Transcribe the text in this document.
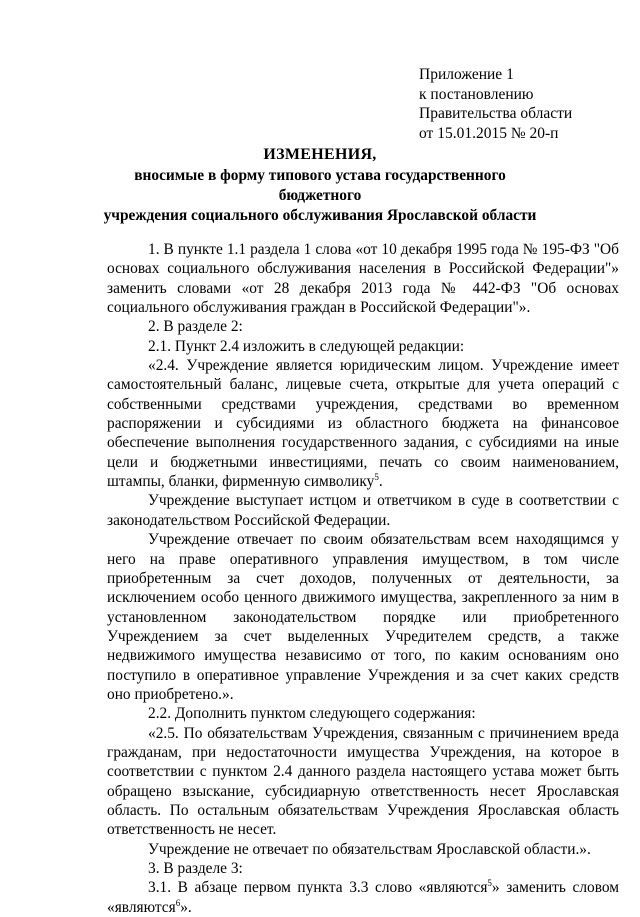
Приложение 1
к постановлению
Правительства области
от 15.01.2015 № 20-п
ИЗМЕНЕНИЯ,
вносимые в форму типового устава государственного бюджетного
учреждения социального обслуживания Ярославской области

1. В пункте 1.1 раздела 1 слова «от 10 декабря 1995 года № 195-ФЗ "Об основах социального обслуживания населения в Российской Федерации"» заменить словами «от 28 декабря 2013 года № 442-ФЗ "Об основах социального обслуживания граждан в Российской Федерации"».

2. В разделе 2:

2.1. Пункт 2.4 изложить в следующей редакции:

«2.4. Учреждение является юридическим лицом. Учреждение имеет самостоятельный баланс, лицевые счета, открытые для учета операций с собственными средствами учреждения, средствами во временном распоряжении и субсидиями из областного бюджета на финансовое обеспечение выполнения государственного задания, с субсидиями на иные цели и бюджетными инвестициями, печать со своим наименованием, штампы, бланки, фирменную символику$^5$.

Учреждение выступает истцом и ответчиком в суде в соответствии с законодательством Российской Федерации.

Учреждение отвечает по своим обязательствам всем находящимся у него на праве оперативного управления имуществом, в том числе приобретенным за счет доходов, полученных от деятельности, за исключением особо ценного движимого имущества, закрепленного за ним в установленном законодательством порядке или приобретенного Учреждением за счет выделенных Учредителем средств, а также недвижимого имущества независимо от того, по каким основаниям оно поступило в оперативное управление Учреждения и за счет каких средств оно приобретено.».

2.2. Дополнить пунктом следующего содержания:

«2.5. По обязательствам Учреждения, связанным с причинением вреда гражданам, при недостаточности имущества Учреждения, на которое в соответствии с пунктом 2.4 данного раздела настоящего устава может быть обращено взыскание, субсидиарную ответственность несет Ярославская область. По остальным обязательствам Учреждения Ярославская область ответственность не несет.

Учреждение не отвечает по обязательствам Ярославской области.».

3. В разделе 3:

3.1. В абзаце первом пункта 3.3 слово «являются$^5$» заменить словом «являются$^6$».
